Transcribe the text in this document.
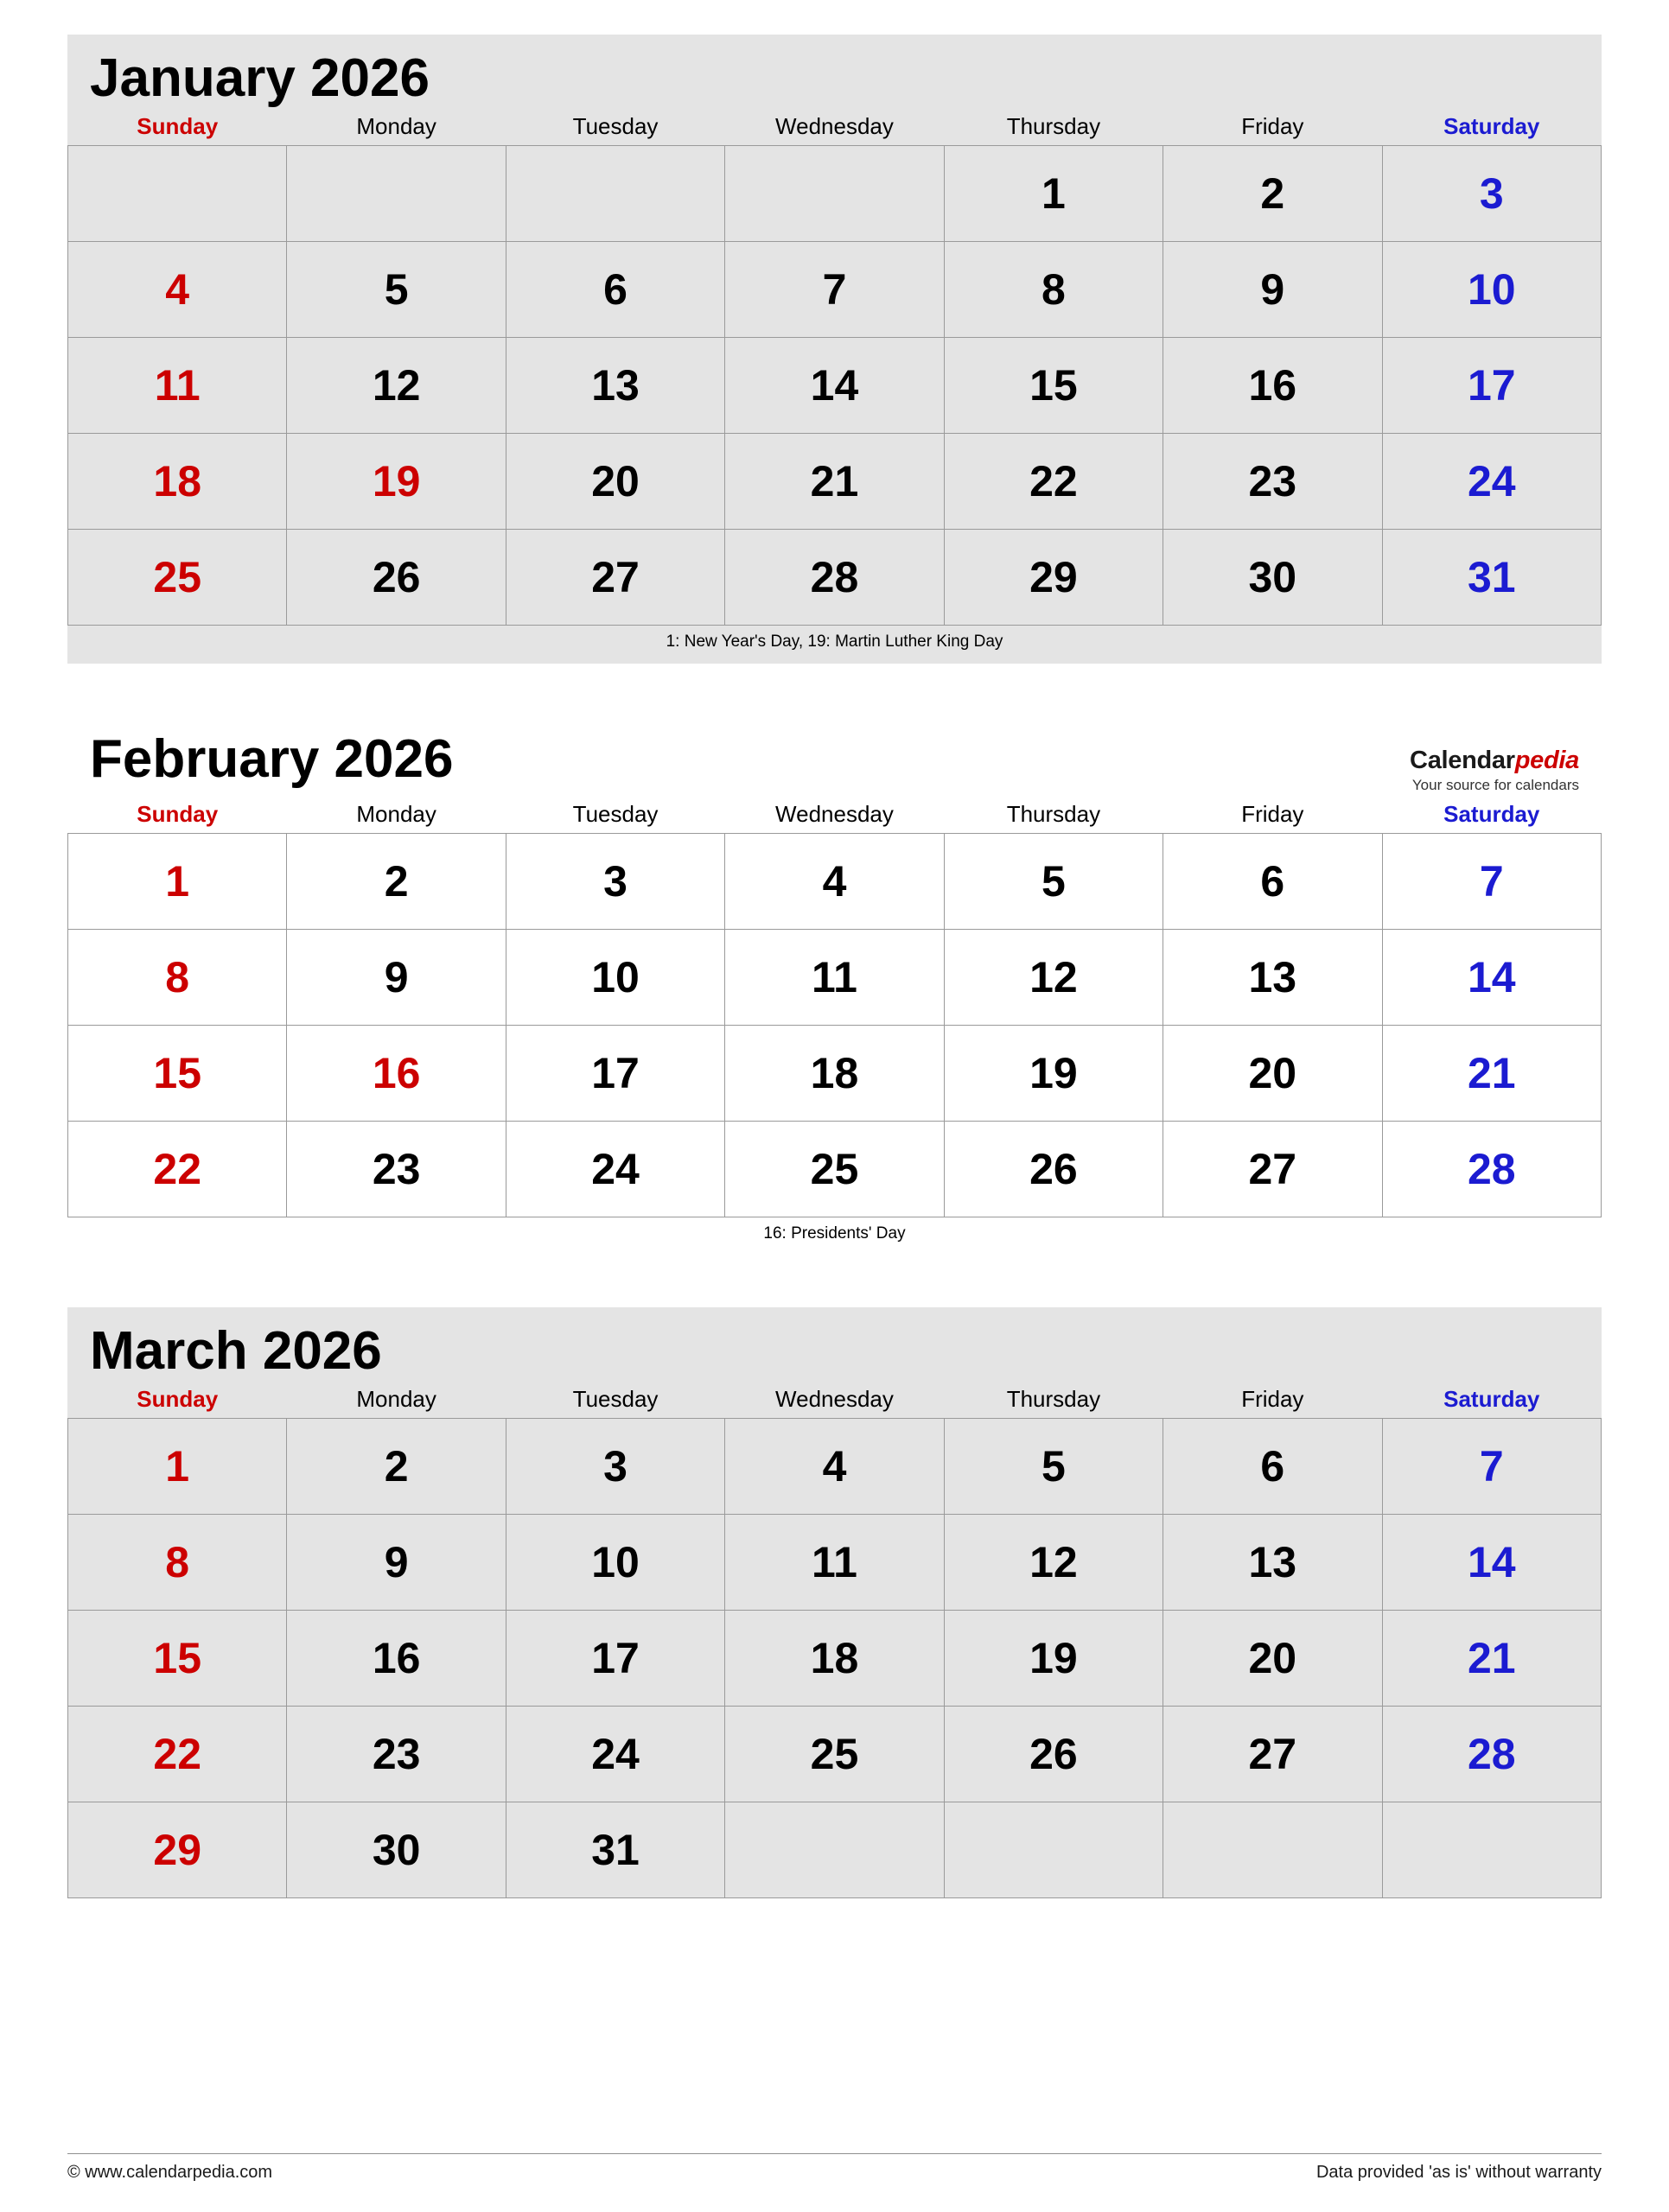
January 2026
Sunday	Monday	Tuesday	Wednesday	Thursday	Friday	Saturday
				1	2	3
4	5	6	7	8	9	10
11	12	13	14	15	16	17
18	19	20	21	22	23	24
25	26	27	28	29	30	31
1: New Year's Day, 19: Martin Luther King Day
February 2026	Calendarpedia
Your source for calendars
Sunday	Monday	Tuesday	Wednesday	Thursday	Friday	Saturday
1	2	3	4	5	6	7
8	9	10	11	12	13	14
15	16	17	18	19	20	21
22	23	24	25	26	27	28
16: Presidents' Day
March 2026
Sunday	Monday	Tuesday	Wednesday	Thursday	Friday	Saturday
1	2	3	4	5	6	7
8	9	10	11	12	13	14
15	16	17	18	19	20	21
22	23	24	25	26	27	28
29	30	31				
© www.calendarpedia.com	Data provided 'as is' without warranty
